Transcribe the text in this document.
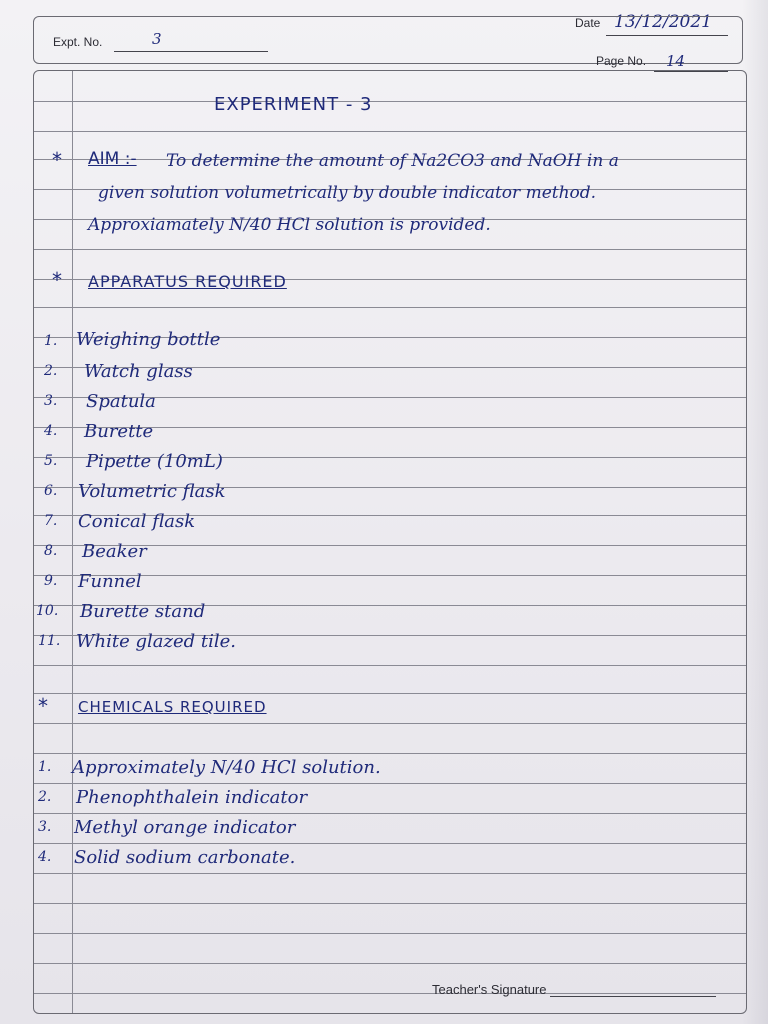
Date 13/12/2021
Expt. No.	3
Page No. 14
EXPERIMENT - 3
* AIM :- To determine the amount of Na2CO3 and NaOH in a
given solution volumetrically by double indicator method.
Approxiamately N/40 HCl solution is provided.
* APPARATUS REQUIRED
1. Weighing bottle
2. Watch glass
3. Spatula
4. Burette
5. Pipette (10mL)
6. Volumetric flask
7. Conical flask
8. Beaker
9. Funnel
10. Burette stand
11. White glazed tile.
* CHEMICALS REQUIRED
1. Approximately N/40 HCl solution.
2. Phenophthalein indicator
3. Methyl orange indicator
4. Solid sodium carbonate.
Teacher's Signature
